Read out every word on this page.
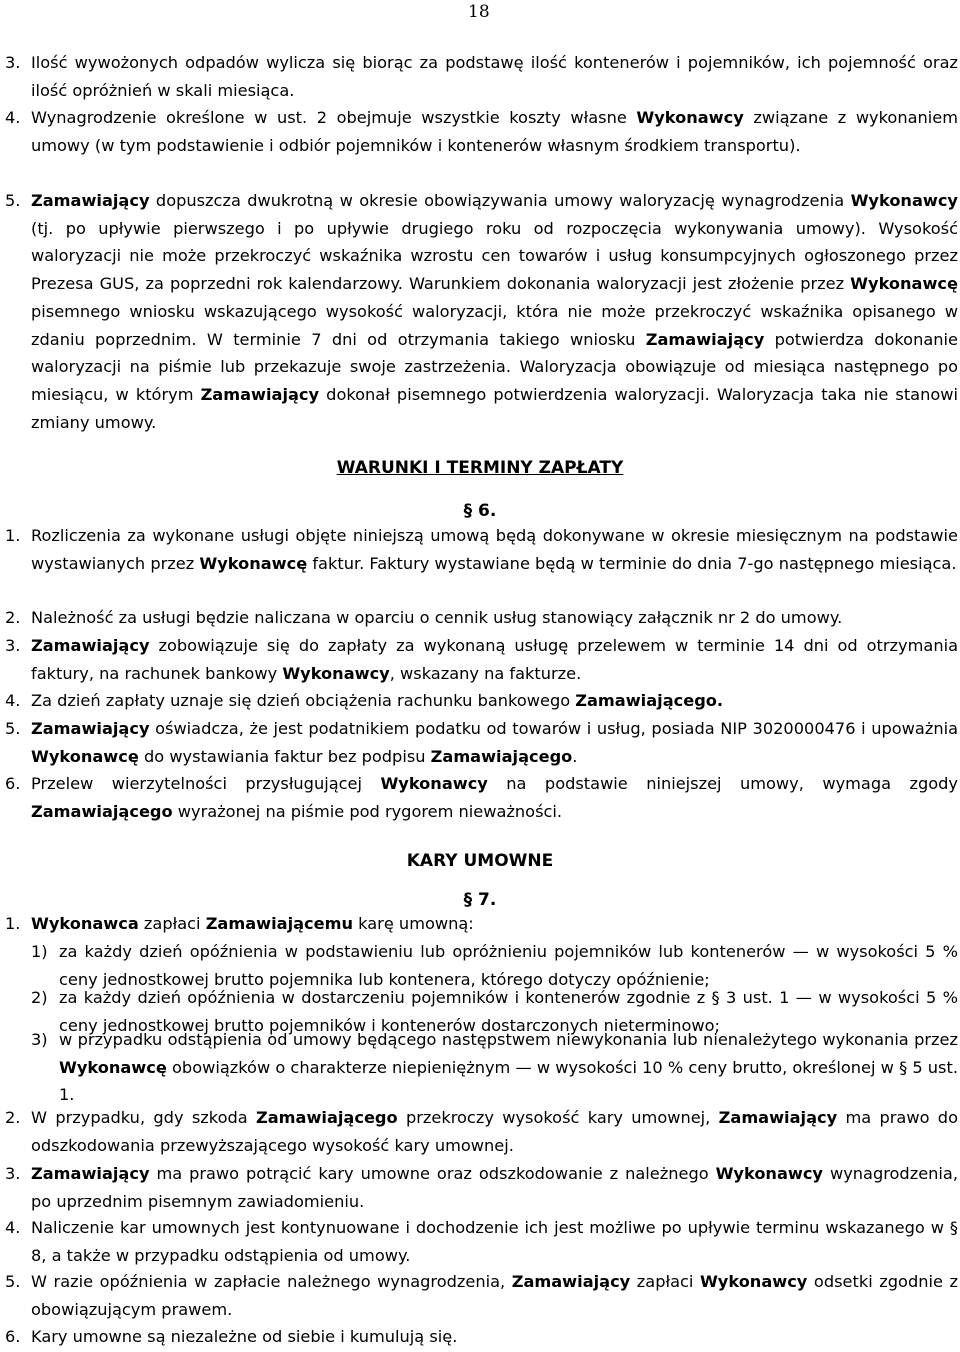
18
3. Ilość wywożonych odpadów wylicza się biorąc za podstawę ilość kontenerów i pojemników, ich pojemność oraz ilość opróżnień w skali miesiąca.
4. Wynagrodzenie określone w ust. 2 obejmuje wszystkie koszty własne Wykonawcy związane z wykonaniem umowy (w tym podstawienie i odbiór pojemników i kontenerów własnym środkiem transportu).
5. Zamawiający dopuszcza dwukrotną w okresie obowiązywania umowy waloryzację wynagrodzenia Wykonawcy (tj. po upływie pierwszego i po upływie drugiego roku od rozpoczęcia wykonywania umowy). Wysokość waloryzacji nie może przekroczyć wskaźnika wzrostu cen towarów i usług konsumpcyjnych ogłoszonego przez Prezesa GUS, za poprzedni rok kalendarzowy. Warunkiem dokonania waloryzacji jest złożenie przez Wykonawcę pisemnego wniosku wskazującego wysokość waloryzacji, która nie może przekroczyć wskaźnika opisanego w zdaniu poprzednim. W terminie 7 dni od otrzymania takiego wniosku Zamawiający potwierdza dokonanie waloryzacji na piśmie lub przekazuje swoje zastrzeżenia. Waloryzacja obowiązuje od miesiąca następnego po miesiącu, w którym Zamawiający dokonał pisemnego potwierdzenia waloryzacji. Waloryzacja taka nie stanowi zmiany umowy.
WARUNKI I TERMINY ZAPŁATY
§ 6.
1. Rozliczenia za wykonane usługi objęte niniejszą umową będą dokonywane w okresie miesięcznym na podstawie wystawianych przez Wykonawcę faktur. Faktury wystawiane będą w terminie do dnia 7-go następnego miesiąca.
2. Należność za usługi będzie naliczana w oparciu o cennik usług stanowiący załącznik nr 2 do umowy.
3. Zamawiający zobowiązuje się do zapłaty za wykonaną usługę przelewem w terminie 14 dni od otrzymania faktury, na rachunek bankowy Wykonawcy, wskazany na fakturze.
4. Za dzień zapłaty uznaje się dzień obciążenia rachunku bankowego Zamawiającego.
5. Zamawiający oświadcza, że jest podatnikiem podatku od towarów i usług, posiada NIP 3020000476 i upoważnia Wykonawcę do wystawiania faktur bez podpisu Zamawiającego.
6. Przelew wierzytelności przysługującej Wykonawcy na podstawie niniejszej umowy, wymaga zgody Zamawiającego wyrażonej na piśmie pod rygorem nieważności.
KARY UMOWNE
§ 7.
1. Wykonawca zapłaci Zamawiającemu karę umowną:
1) za każdy dzień opóźnienia w podstawieniu lub opróżnieniu pojemników lub kontenerów — w wysokości 5 % ceny jednostkowej brutto pojemnika lub kontenera, którego dotyczy opóźnienie;
2) za każdy dzień opóźnienia w dostarczeniu pojemników i kontenerów zgodnie z § 3 ust. 1 — w wysokości 5 % ceny jednostkowej brutto pojemników i kontenerów dostarczonych nieterminowo;
3) w przypadku odstąpienia od umowy będącego następstwem niewykonania lub nienależytego wykonania przez Wykonawcę obowiązków o charakterze niepieniężnym — w wysokości 10 % ceny brutto, określonej w § 5 ust. 1.
2. W przypadku, gdy szkoda Zamawiającego przekroczy wysokość kary umownej, Zamawiający ma prawo do odszkodowania przewyższającego wysokość kary umownej.
3. Zamawiający ma prawo potrącić kary umowne oraz odszkodowanie z należnego Wykonawcy wynagrodzenia, po uprzednim pisemnym zawiadomieniu.
4. Naliczenie kar umownych jest kontynuowane i dochodzenie ich jest możliwe po upływie terminu wskazanego w § 8, a także w przypadku odstąpienia od umowy.
5. W razie opóźnienia w zapłacie należnego wynagrodzenia, Zamawiający zapłaci Wykonawcy odsetki zgodnie z obowiązującym prawem.
6. Kary umowne są niezależne od siebie i kumulują się.
